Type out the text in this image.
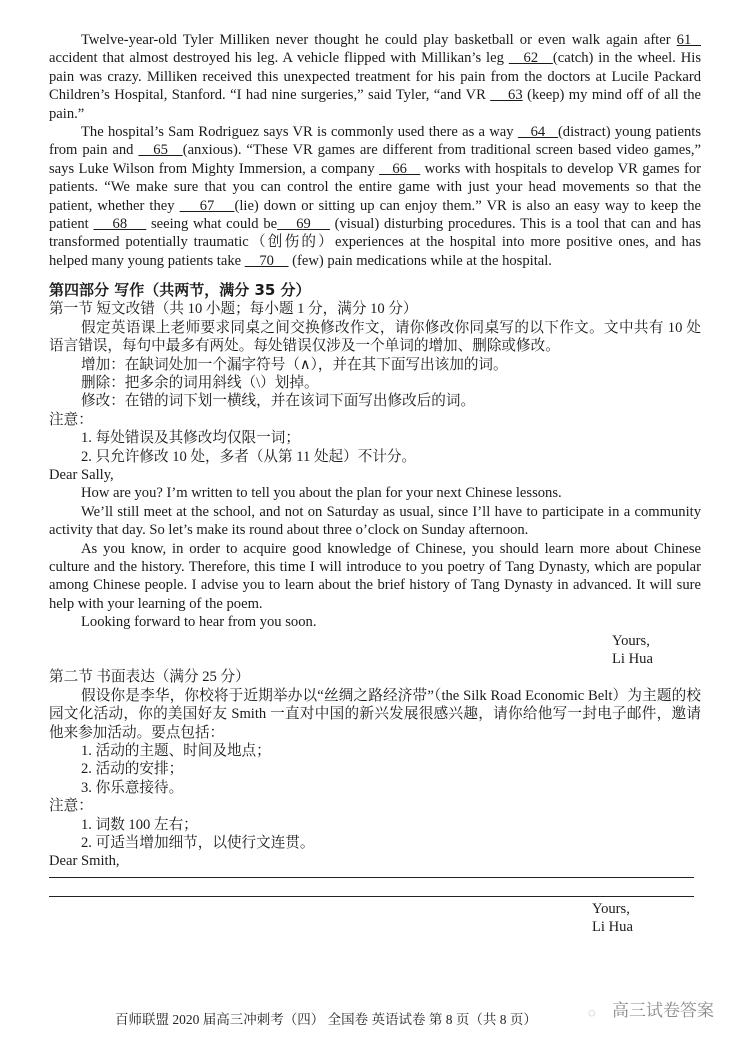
Twelve-year-old Tyler Milliken never thought he could play basketball or even walk again after 61   accident that almost destroyed his leg. A vehicle flipped with Millikan’s leg    62   (catch) in the wheel. His pain was crazy. Milliken received this unexpected treatment for his pain from the doctors at Lucile Packard Children’s Hospital, Stanford. “I had nine surgeries,” said Tyler, “and VR     63 (keep) my mind off of all the pain.”

The hospital’s Sam Rodriguez says VR is commonly used there as a way    64   (distract) young patients from pain and    65   (anxious). “These VR games are different from traditional screen based video games,” says Luke Wilson from Mighty Immersion, a company    66    works with hospitals to develop VR games for patients. “We make sure that you can control the entire game with just your head movements so that the patient, whether they     67    (lie) down or sitting up can enjoy them.” VR is also an easy way to keep the patient     68     seeing what could be    69     (visual) disturbing procedures. This is a tool that can and has transformed potentially traumatic（创伤的）experiences at the hospital into more positive ones, and has helped many young patients take     70     (few) pain medications while at the hospital.

第四部分 写作（共两节，满分 35 分）

第一节 短文改错（共 10 小题；每小题 1 分，满分 10 分）

假定英语课上老师要求同桌之间交换修改作文，请你修改你同桌写的以下作文。文中共有 10 处语言错误，每句中最多有两处。每处错误仅涉及一个单词的增加、删除或修改。

增加：在缺词处加一个漏字符号（∧），并在其下面写出该加的词。

删除：把多余的词用斜线（\）划掉。

修改：在错的词下划一横线，并在该词下面写出修改后的词。

注意：

1. 每处错误及其修改均仅限一词；

2. 只允许修改 10 处，多者（从第 11 处起）不计分。

Dear Sally,

How are you? I’m written to tell you about the plan for your next Chinese lessons.

We’ll still meet at the school, and not on Saturday as usual, since I’ll have to participate in a community activity that day. So let’s make its round about three o’clock on Sunday afternoon.

As you know, in order to acquire good knowledge of Chinese, you should learn more about Chinese culture and the history. Therefore, this time I will introduce to you poetry of Tang Dynasty, which are popular among Chinese people. I advise you to learn about the brief history of Tang Dynasty in advanced. It will sure help with your learning of the poem.

Looking forward to hear from you soon.

Yours,

Li Hua

第二节 书面表达（满分 25 分）

假设你是李华，你校将于近期举办以“丝绸之路经济带”（the Silk Road Economic Belt）为主题的校园文化活动，你的美国好友 Smith 一直对中国的新兴发展很感兴趣，请你给他写一封电子邮件，邀请他来参加活动。要点包括：

1. 活动的主题、时间及地点；

2. 活动的安排；

3. 你乐意接待。

注意：

1. 词数 100 左右；

2. 可适当增加细节，以使行文连贯。

Dear Smith,

Yours,

Li Hua

百师联盟 2020 届高三冲刺考（四） 全国卷 英语试卷 第 8 页（共 8 页）	◌ 高三试卷答案
